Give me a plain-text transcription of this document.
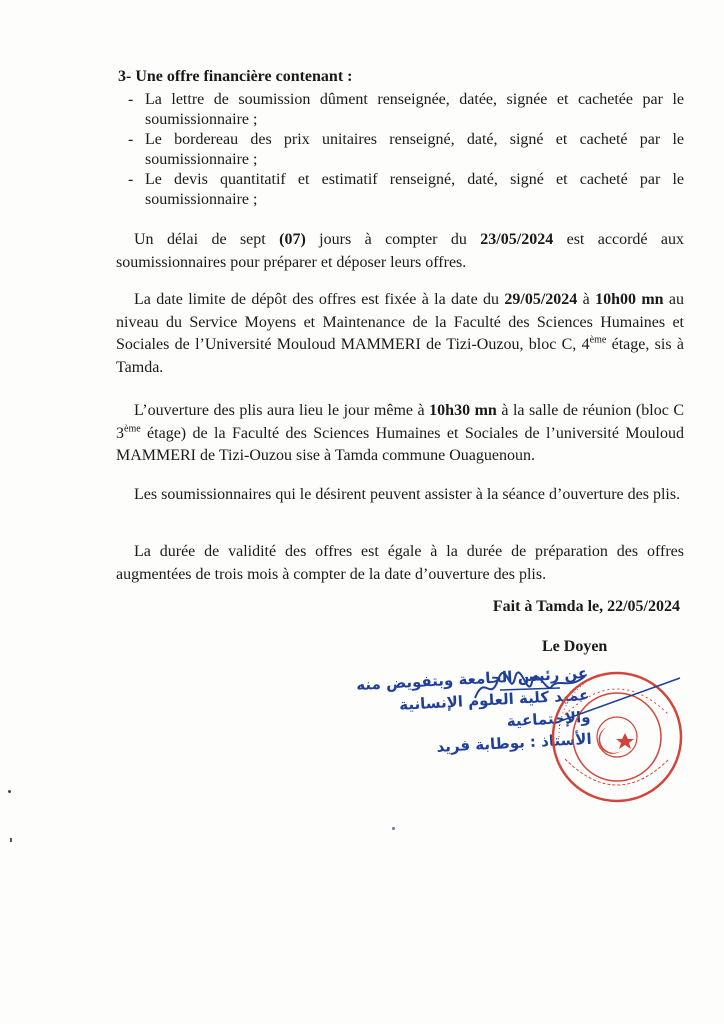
3- Une offre financière contenant :
- La lettre de soumission dûment renseignée, datée, signée et cachetée par le soumissionnaire ;
- Le bordereau des prix unitaires renseigné, daté, signé et cacheté par le soumissionnaire ;
- Le devis quantitatif et estimatif renseigné, daté, signé et cacheté par le soumissionnaire ;

Un délai de sept (07) jours à compter du 23/05/2024 est accordé aux soumissionnaires pour préparer et déposer leurs offres.

La date limite de dépôt des offres est fixée à la date du 29/05/2024 à 10h00 mn au niveau du Service Moyens et Maintenance de la Faculté des Sciences Humaines et Sociales de l’Université Mouloud MAMMERI de Tizi-Ouzou, bloc C, 4ème étage, sis à Tamda.

L’ouverture des plis aura lieu le jour même à 10h30 mn à la salle de réunion (bloc C 3ème étage) de la Faculté des Sciences Humaines et Sociales de l’université Mouloud MAMMERI de Tizi-Ouzou sise à Tamda commune Ouaguenoun.

Les soumissionnaires qui le désirent peuvent assister à la séance d’ouverture des plis.

La durée de validité des offres est égale à la durée de préparation des offres augmentées de trois mois à compter de la date d’ouverture des plis.

Fait à Tamda le, 22/05/2024
Le Doyen
عن رئيس الجامعة وبتفويض منه
عميد كلية العلوم الإنسانية والإجتماعية
الأستاذ : بوطابة فريد
